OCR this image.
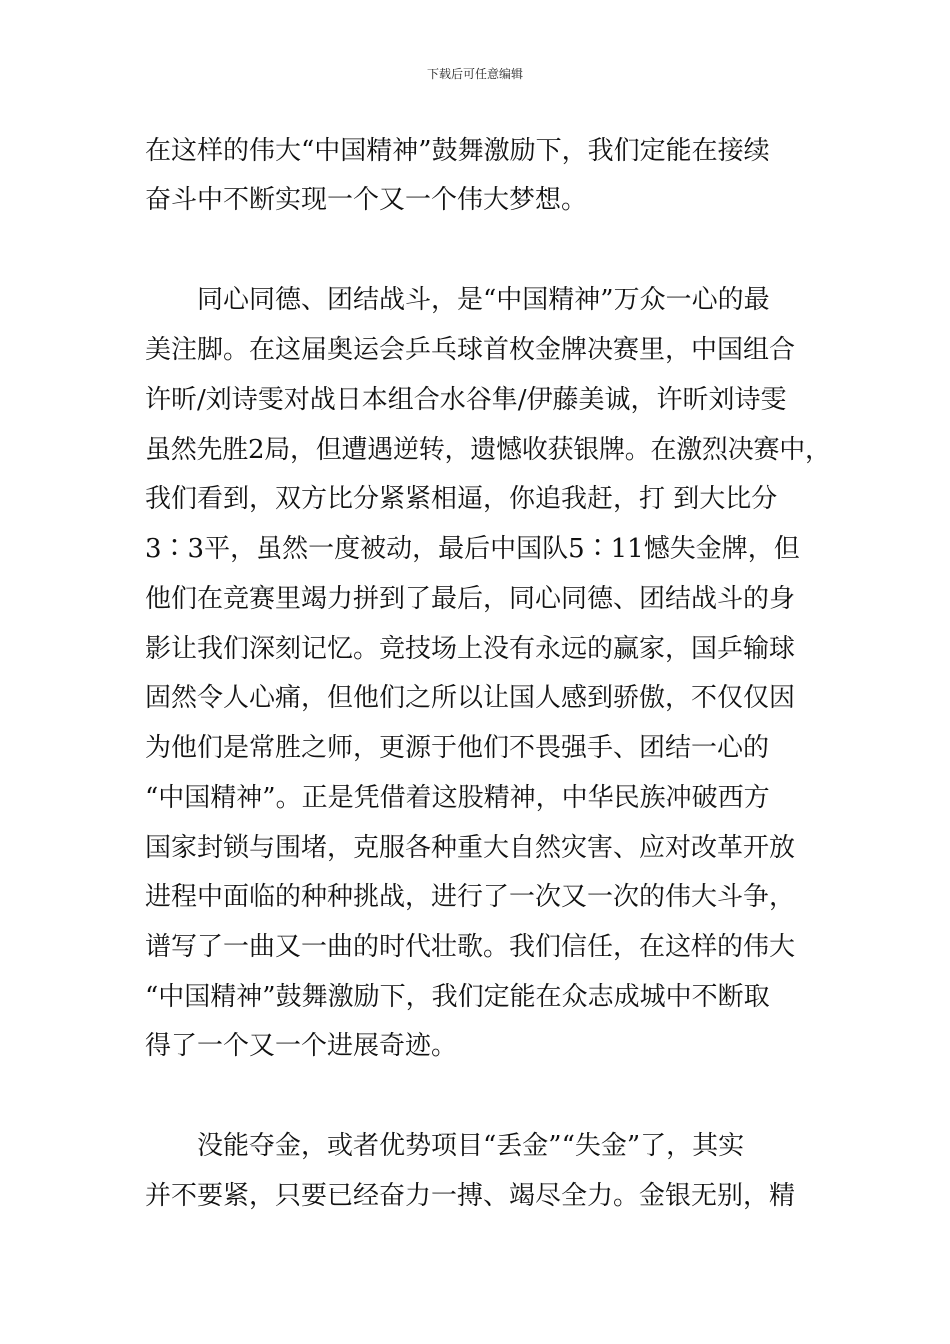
下载后可任意编辑
在这样的伟大“中国精神”鼓舞激励下，我们定能在接续
奋斗中不断实现一个又一个伟大梦想。
同心同德、团结战斗，是“中国精神”万众一心的最
美注脚。在这届奥运会乒乓球首枚金牌决赛里，中国组合
许昕/刘诗雯对战日本组合水谷隼/伊藤美诚，许昕刘诗雯
虽然先胜2局，但遭遇逆转，遗憾收获银牌。在激烈决赛中，
我们看到，双方比分紧紧相逼，你追我赶，打 到大比分
3∶3平，虽然一度被动，最后中国队5∶11憾失金牌，但
他们在竞赛里竭力拼到了最后，同心同德、团结战斗的身
影让我们深刻记忆。竞技场上没有永远的赢家，国乒输球
固然令人心痛，但他们之所以让国人感到骄傲，不仅仅因
为他们是常胜之师，更源于他们不畏强手、团结一心的
“中国精神”。正是凭借着这股精神，中华民族冲破西方
国家封锁与围堵，克服各种重大自然灾害、应对改革开放
进程中面临的种种挑战，进行了一次又一次的伟大斗争，
谱写了一曲又一曲的时代壮歌。我们信任，在这样的伟大
“中国精神”鼓舞激励下，我们定能在众志成城中不断取
得了一个又一个进展奇迹。
没能夺金，或者优势项目“丢金”“失金”了，其实
并不要紧，只要已经奋力一搏、竭尽全力。金银无别，精
